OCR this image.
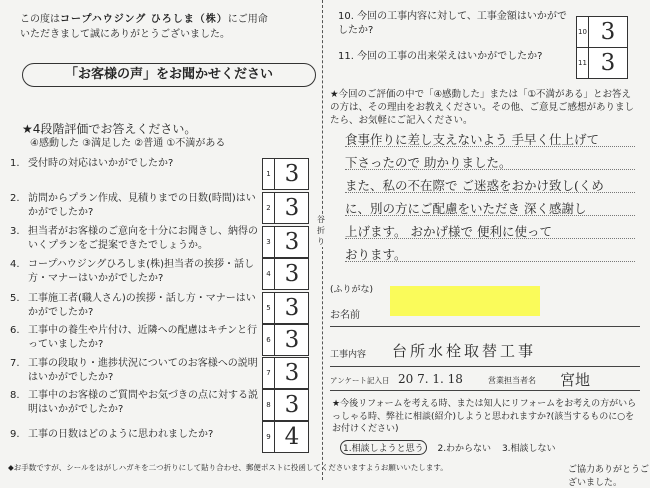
この度はコープハウジング ひろしま（株）にご用命
いただきまして誠にありがとうございました。
「お客様の声」をお聞かせください
★4段階評価でお答えください。
④感動した ③満足した ②普通 ①不満がある
1. 受付時の対応はいかがでしたか?
1 3
2. 訪問からプラン作成、見積りまでの日数(時間)はいかがでしたか?	2 3
3. 担当者がお客様のご意向を十分にお聞きし、納得のいくプランをご提案できたでしょうか。	3 3
4. コープハウジングひろしま(株)担当者の挨拶・話し方・マナーはいかがでしたか?	4 3
5. 工事施工者(職人さん)の挨拶・話し方・マナーはいかがでしたか?	5 3
6. 工事中の養生や片付け、近隣への配慮はキチンと行っていましたか?	6 3
7. 工事の段取り・進捗状況についてのお客様への説明はいかがでしたか?	7 3
8. 工事中のお客様のご質問やお気づきの点に対する説明はいかがでしたか?	8 3
9. 工事の日数はどのように思われましたか?	9 4
谷折り
10. 今回の工事内容に対して、工事金額はいかがでしたか?	10 3
11. 今回の工事の出来栄えはいかがでしたか?
11 3
★今回のご評価の中で「④感動した」または「①不満がある」とお答えの方は、その理由をお教えください。その他、ご意見ご感想がありましたら、お気軽にご記入ください。
食事作りに差し支えないよう 手早く仕上げて
下さったので 助かりました。
また、私の不在際で ご迷惑をおかけ致し(くめ
に、別の方にご配慮をいただき 深く感謝し
上げます。 おかげ様で 便利に使って
おります。
(ふりがな)
お名前
工事内容 台所水栓取替工事
アンケート記入日 20 7. 1. 18	営業担当者名 宮地
★今後リフォームを考える時、または知人にリフォームをお考えの方がいらっしゃる時、弊社に相談(紹介)しようと思われますか?(該当するものに○をお付けください)
1.相談しようと思う 2.わからない 3.相談しない
◆お手数ですが、シールをはがしハガキを二つ折りにして貼り合わせ、郵便ポストに投函してくださいますようお願いいたします。	ご協力ありがとうございました。
